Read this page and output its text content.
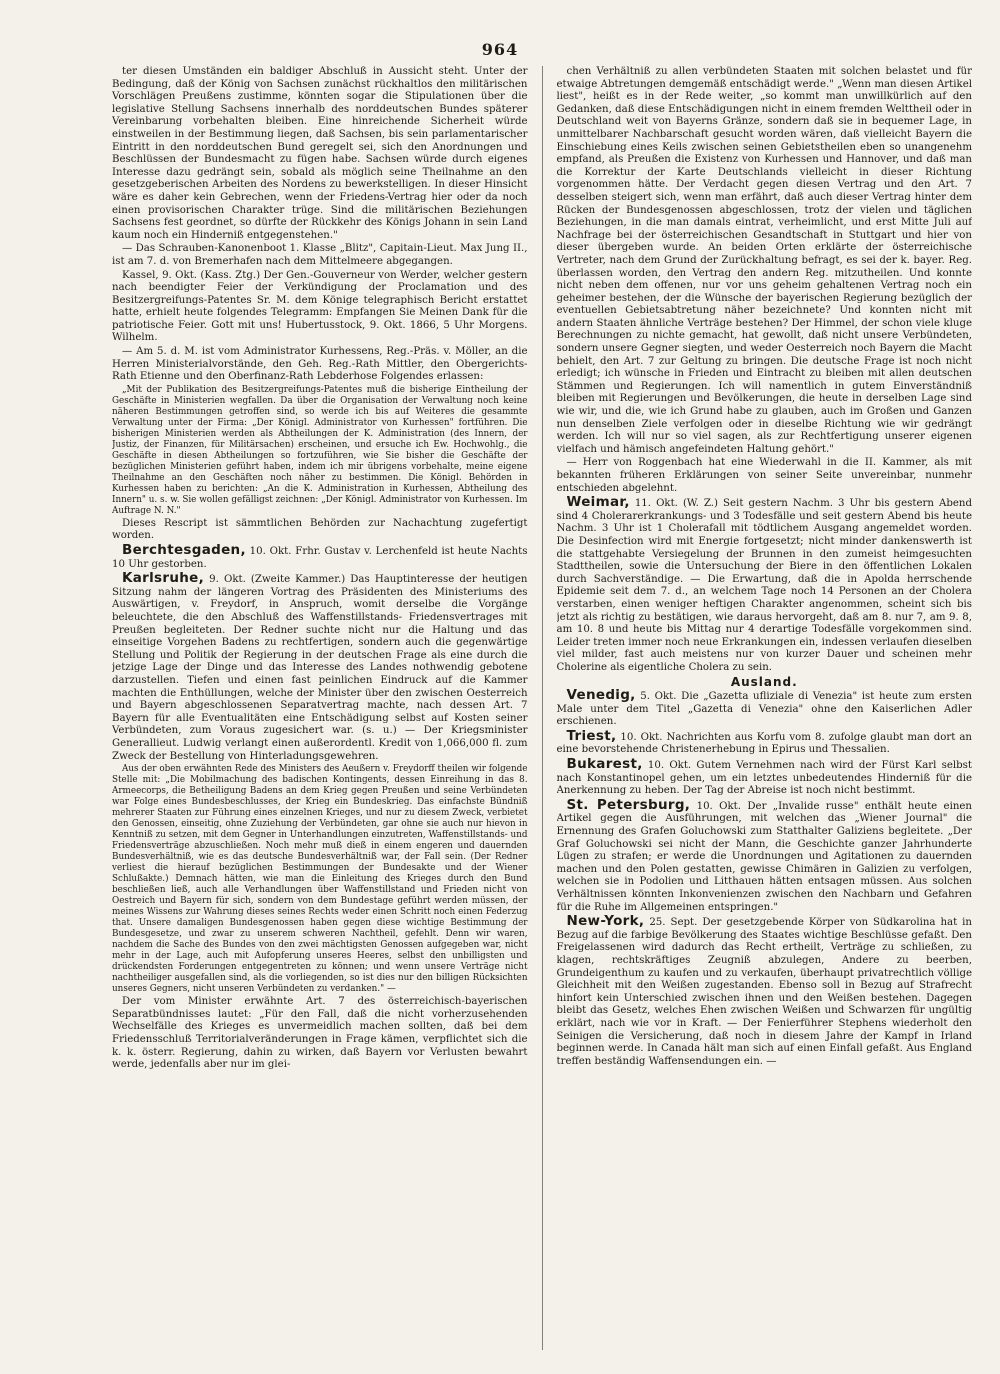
964

ter diesen Umständen ein baldiger Abschluß in Aussicht steht. Unter der Bedingung, daß der König von Sachsen zunächst rückhaltlos den militärischen Vorschlägen Preußens zustimme, könnten sogar die Stipulationen über die legislative Stellung Sachsens innerhalb des norddeutschen Bundes späterer Vereinbarung vorbehalten bleiben. Eine hinreichende Sicherheit würde einstweilen in der Bestimmung liegen, daß Sachsen, bis sein parlamentarischer Eintritt in den norddeutschen Bund geregelt sei, sich den Anordnungen und Beschlüssen der Bundesmacht zu fügen habe. Sachsen würde durch eigenes Interesse dazu gedrängt sein, sobald als möglich seine Theilnahme an den gesetzgeberischen Arbeiten des Nordens zu bewerkstelligen. In dieser Hinsicht wäre es daher kein Gebrechen, wenn der Friedens-Vertrag hier oder da noch einen provisorischen Charakter trüge. Sind die militärischen Beziehungen Sachsens fest geordnet, so dürfte der Rückkehr des Königs Johann in sein Land kaum noch ein Hinderniß entgegenstehen."

— Das Schrauben-Kanonenboot 1. Klasse „Blitz", Capitain-Lieut. Max Jung II., ist am 7. d. von Bremerhafen nach dem Mittelmeere abgegangen.

Kassel, 9. Okt. (Kass. Ztg.) Der Gen.-Gouverneur von Werder, welcher gestern nach beendigter Feier der Verkündigung der Proclamation und des Besitzergreifungs-Patentes Sr. M. dem Könige telegraphisch Bericht erstattet hatte, erhielt heute folgendes Telegramm: Empfangen Sie Meinen Dank für die patriotische Feier. Gott mit uns! Hubertusstock, 9. Okt. 1866, 5 Uhr Morgens. Wilhelm.

— Am 5. d. M. ist vom Administrator Kurhessens, Reg.-Präs. v. Möller, an die Herren Ministerialvorstände, den Geh. Reg.-Rath Mittler, den Obergerichts-Rath Etienne und den Oberfinanz-Rath Lebderhose Folgendes erlassen:

„Mit der Publikation des Besitzergreifungs-Patentes muß die bisherige Eintheilung der Geschäfte in Ministerien wegfallen. Da über die Organisation der Verwaltung noch keine näheren Bestimmungen getroffen sind, so werde ich bis auf Weiteres die gesammte Verwaltung unter der Firma: „Der Königl. Administrator von Kurhessen" fortführen. Die bisherigen Ministerien werden als Abtheilungen der K. Administration (des Innern, der Justiz, der Finanzen, für Militärsachen) erscheinen, und ersuche ich Ew. Hochwohlg., die Geschäfte in diesen Abtheilungen so fortzuführen, wie Sie bisher die Geschäfte der bezüglichen Ministerien geführt haben, indem ich mir übrigens vorbehalte, meine eigene Theilnahme an den Geschäften noch näher zu bestimmen. Die Königl. Behörden in Kurhessen haben zu berichten: „An die K. Administration in Kurhessen, Abtheilung des Innern" u. s. w. Sie wollen gefälligst zeichnen: „Der Königl. Administrator von Kurhessen. Im Auftrage N. N."

Dieses Rescript ist sämmtlichen Behörden zur Nachachtung zugefertigt worden.

Berchtesgaden, 10. Okt. Frhr. Gustav v. Lerchenfeld ist heute Nachts 10 Uhr gestorben.

Karlsruhe, 9. Okt. (Zweite Kammer.) Das Hauptinteresse der heutigen Sitzung nahm der längeren Vortrag des Präsidenten des Ministeriums des Auswärtigen, v. Freydorf, in Anspruch, womit derselbe die Vorgänge beleuchtete, die den Abschluß des Waffenstillstands- Friedensvertrages mit Preußen begleiteten. Der Redner suchte nicht nur die Haltung und das einseitige Vorgehen Badens zu rechtfertigen, sondern auch die gegenwärtige Stellung und Politik der Regierung in der deutschen Frage als eine durch die jetzige Lage der Dinge und das Interesse des Landes nothwendig gebotene darzustellen. Tiefen und einen fast peinlichen Eindruck auf die Kammer machten die Enthüllungen, welche der Minister über den zwischen Oesterreich und Bayern abgeschlossenen Separatvertrag machte, nach dessen Art. 7 Bayern für alle Eventualitäten eine Entschädigung selbst auf Kosten seiner Verbündeten, zum Voraus zugesichert war. (s. u.) — Der Kriegsminister Generallieut. Ludwig verlangt einen außerordentl. Kredit von 1,066,000 fl. zum Zweck der Bestellung von Hinterladungsgewehren.

Aus der oben erwähnten Rede des Ministers des Aeußern v. Freydorff theilen wir folgende Stelle mit: „Die Mobilmachung des badischen Kontingents, dessen Einreihung in das 8. Armeecorps, die Betheiligung Badens an dem Krieg gegen Preußen und seine Verbündeten war Folge eines Bundesbeschlusses, der Krieg ein Bundeskrieg. Das einfachste Bündniß mehrerer Staaten zur Führung eines einzelnen Krieges, und nur zu diesem Zweck, verbietet den Genossen, einseitig, ohne Zuziehung der Verbündeten, gar ohne sie auch nur hievon in Kenntniß zu setzen, mit dem Gegner in Unterhandlungen einzutreten, Waffenstillstands- und Friedensverträge abzuschließen. Noch mehr muß dieß in einem engeren und dauernden Bundesverhältniß, wie es das deutsche Bundesverhältniß war, der Fall sein. (Der Redner verliest die hierauf bezüglichen Bestimmungen der Bundesakte und der Wiener Schlußakte.) Demnach hätten, wie man die Einleitung des Krieges durch den Bund beschließen ließ, auch alle Verhandlungen über Waffenstillstand und Frieden nicht von Oestreich und Bayern für sich, sondern von dem Bundestage geführt werden müssen, der meines Wissens zur Wahrung dieses seines Rechts weder einen Schritt noch einen Federzug that. Unsere damaligen Bundesgenossen haben gegen diese wichtige Bestimmung der Bundesgesetze, und zwar zu unserem schweren Nachtheil, gefehlt. Denn wir waren, nachdem die Sache des Bundes von den zwei mächtigsten Genossen aufgegeben war, nicht mehr in der Lage, auch mit Aufopferung unseres Heeres, selbst den unbilligsten und drückendsten Forderungen entgegentreten zu können; und wenn unsere Verträge nicht nachtheiliger ausgefallen sind, als die vorliegenden, so ist dies nur den billigen Rücksichten unseres Gegners, nicht unseren Verbündeten zu verdanken." —

Der vom Minister erwähnte Art. 7 des österreichisch-bayerischen Separatbündnisses lautet: „Für den Fall, daß die nicht vorherzusehenden Wechselfälle des Krieges es unvermeidlich machen sollten, daß bei dem Friedensschluß Territorialveränderungen in Frage kämen, verpflichtet sich die k. k. österr. Regierung, dahin zu wirken, daß Bayern vor Verlusten bewahrt werde, jedenfalls aber nur im glei-

chen Verhältniß zu allen verbündeten Staaten mit solchen belastet und für etwaige Abtretungen demgemäß entschädigt werde." „Wenn man diesen Artikel liest", heißt es in der Rede weiter, „so kommt man unwillkürlich auf den Gedanken, daß diese Entschädigungen nicht in einem fremden Welttheil oder in Deutschland weit von Bayerns Gränze, sondern daß sie in bequemer Lage, in unmittelbarer Nachbarschaft gesucht worden wären, daß vielleicht Bayern die Einschiebung eines Keils zwischen seinen Gebietstheilen eben so unangenehm empfand, als Preußen die Existenz von Kurhessen und Hannover, und daß man die Korrektur der Karte Deutschlands vielleicht in dieser Richtung vorgenommen hätte. Der Verdacht gegen diesen Vertrag und den Art. 7 desselben steigert sich, wenn man erfährt, daß auch dieser Vertrag hinter dem Rücken der Bundesgenossen abgeschlossen, trotz der vielen und täglichen Beziehungen, in die man damals eintrat, verheimlicht, und erst Mitte Juli auf Nachfrage bei der österreichischen Gesandtschaft in Stuttgart und hier von dieser übergeben wurde. An beiden Orten erklärte der österreichische Vertreter, nach dem Grund der Zurückhaltung befragt, es sei der k. bayer. Reg. überlassen worden, den Vertrag den andern Reg. mitzutheilen. Und konnte nicht neben dem offenen, nur vor uns geheim gehaltenen Vertrag noch ein geheimer bestehen, der die Wünsche der bayerischen Regierung bezüglich der eventuellen Gebietsabtretung näher bezeichnete? Und konnten nicht mit andern Staaten ähnliche Verträge bestehen? Der Himmel, der schon viele kluge Berechnungen zu nichte gemacht, hat gewollt, daß nicht unsere Verbündeten, sondern unsere Gegner siegten, und weder Oesterreich noch Bayern die Macht behielt, den Art. 7 zur Geltung zu bringen. Die deutsche Frage ist noch nicht erledigt; ich wünsche in Frieden und Eintracht zu bleiben mit allen deutschen Stämmen und Regierungen. Ich will namentlich in gutem Einverständniß bleiben mit Regierungen und Bevölkerungen, die heute in derselben Lage sind wie wir, und die, wie ich Grund habe zu glauben, auch im Großen und Ganzen nun denselben Ziele verfolgen oder in dieselbe Richtung wie wir gedrängt werden. Ich will nur so viel sagen, als zur Rechtfertigung unserer eigenen vielfach und hämisch angefeindeten Haltung gehört."

— Herr von Roggenbach hat eine Wiederwahl in die II. Kammer, als mit bekannten früheren Erklärungen von seiner Seite unvereinbar, nunmehr entschieden abgelehnt.

Weimar, 11. Okt. (W. Z.) Seit gestern Nachm. 3 Uhr bis gestern Abend sind 4 Cholerarerkrankungs- und 3 Todesfälle und seit gestern Abend bis heute Nachm. 3 Uhr ist 1 Cholerafall mit tödtlichem Ausgang angemeldet worden. Die Desinfection wird mit Energie fortgesetzt; nicht minder dankenswerth ist die stattgehabte Versiegelung der Brunnen in den zumeist heimgesuchten Stadttheilen, sowie die Untersuchung der Biere in den öffentlichen Lokalen durch Sachverständige. — Die Erwartung, daß die in Apolda herrschende Epidemie seit dem 7. d., an welchem Tage noch 14 Personen an der Cholera verstarben, einen weniger heftigen Charakter angenommen, scheint sich bis jetzt als richtig zu bestätigen, wie daraus hervorgeht, daß am 8. nur 7, am 9. 8, am 10. 8 und heute bis Mittag nur 4 derartige Todesfälle vorgekommen sind. Leider treten immer noch neue Erkrankungen ein, indessen verlaufen dieselben viel milder, fast auch meistens nur von kurzer Dauer und scheinen mehr Cholerine als eigentliche Cholera zu sein.

Ausland.

Venedig, 5. Okt. Die „Gazetta ufliziale di Venezia" ist heute zum ersten Male unter dem Titel „Gazetta di Venezia" ohne den Kaiserlichen Adler erschienen.

Triest, 10. Okt. Nachrichten aus Korfu vom 8. zufolge glaubt man dort an eine bevorstehende Christenerhebung in Epirus und Thessalien.

Bukarest, 10. Okt. Gutem Vernehmen nach wird der Fürst Karl selbst nach Konstantinopel gehen, um ein letztes unbedeutendes Hinderniß für die Anerkennung zu heben. Der Tag der Abreise ist noch nicht bestimmt.

St. Petersburg, 10. Okt. Der „Invalide russe" enthält heute einen Artikel gegen die Ausführungen, mit welchen das „Wiener Journal" die Ernennung des Grafen Goluchowski zum Statthalter Galiziens begleitete. „Der Graf Goluchowski sei nicht der Mann, die Geschichte ganzer Jahrhunderte Lügen zu strafen; er werde die Unordnungen und Agitationen zu dauernden machen und den Polen gestatten, gewisse Chimären in Galizien zu verfolgen, welchen sie in Podolien und Litthauen hätten entsagen müssen. Aus solchen Verhältnissen könnten Inkonvenienzen zwischen den Nachbarn und Gefahren für die Ruhe im Allgemeinen entspringen."

New-York, 25. Sept. Der gesetzgebende Körper von Südkarolina hat in Bezug auf die farbige Bevölkerung des Staates wichtige Beschlüsse gefaßt. Den Freigelassenen wird dadurch das Recht ertheilt, Verträge zu schließen, zu klagen, rechtskräftiges Zeugniß abzulegen, Andere zu beerben, Grundeigenthum zu kaufen und zu verkaufen, überhaupt privatrechtlich völlige Gleichheit mit den Weißen zugestanden. Ebenso soll in Bezug auf Strafrecht hinfort kein Unterschied zwischen ihnen und den Weißen bestehen. Dagegen bleibt das Gesetz, welches Ehen zwischen Weißen und Schwarzen für ungültig erklärt, nach wie vor in Kraft. — Der Fenierführer Stephens wiederholt den Seinigen die Versicherung, daß noch in diesem Jahre der Kampf in Irland beginnen werde. In Canada hält man sich auf einen Einfall gefaßt. Aus England treffen beständig Waffensendungen ein. —
